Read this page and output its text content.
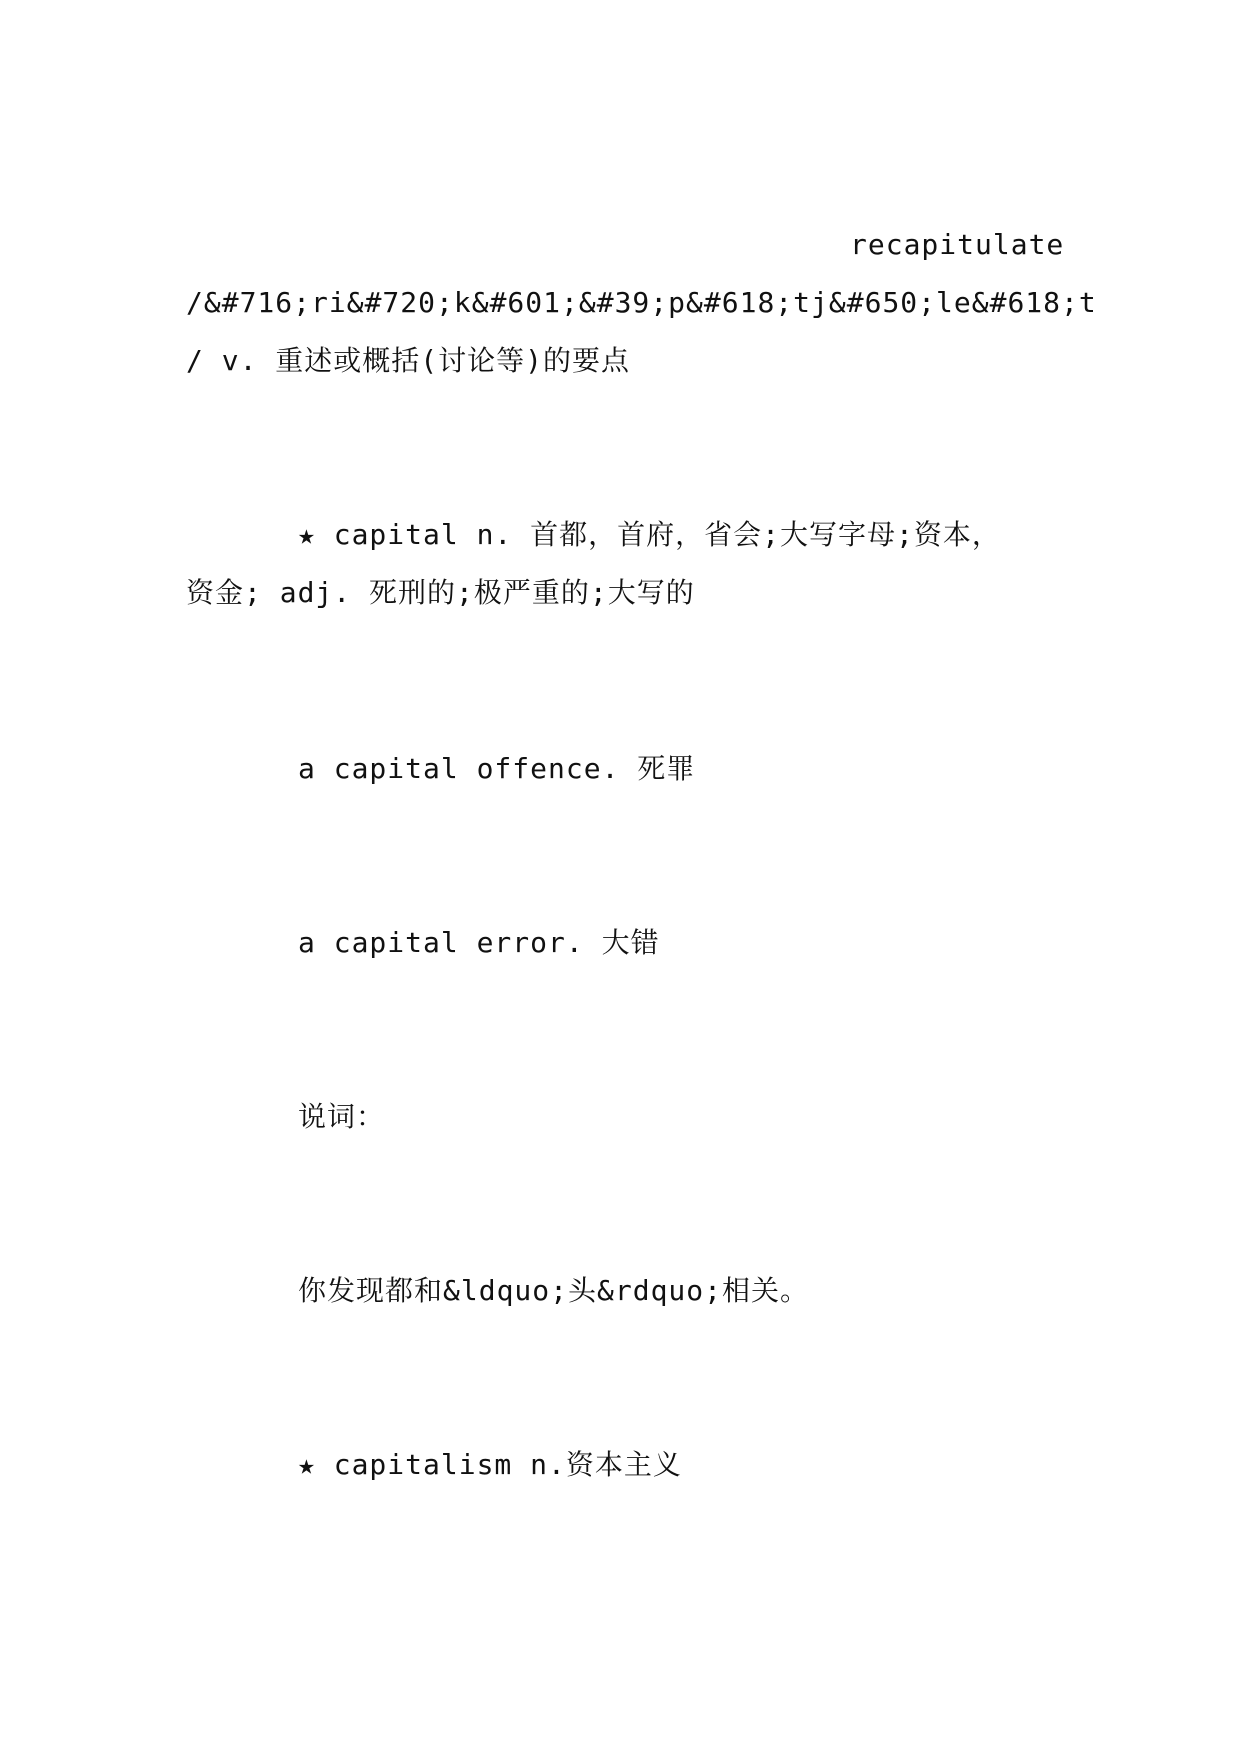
recapitulate
/&#716;ri&#720;k&#601;&#39;p&#618;tj&#650;le&#618;t
/ v. 重述或概括(讨论等)的要点
★ capital n. 首都，首府，省会;大写字母;资本，
资金; adj. 死刑的;极严重的;大写的
a capital offence. 死罪
a capital error. 大错
说词：
你发现都和&ldquo;头&rdquo;相关。
★ capitalism n.资本主义
